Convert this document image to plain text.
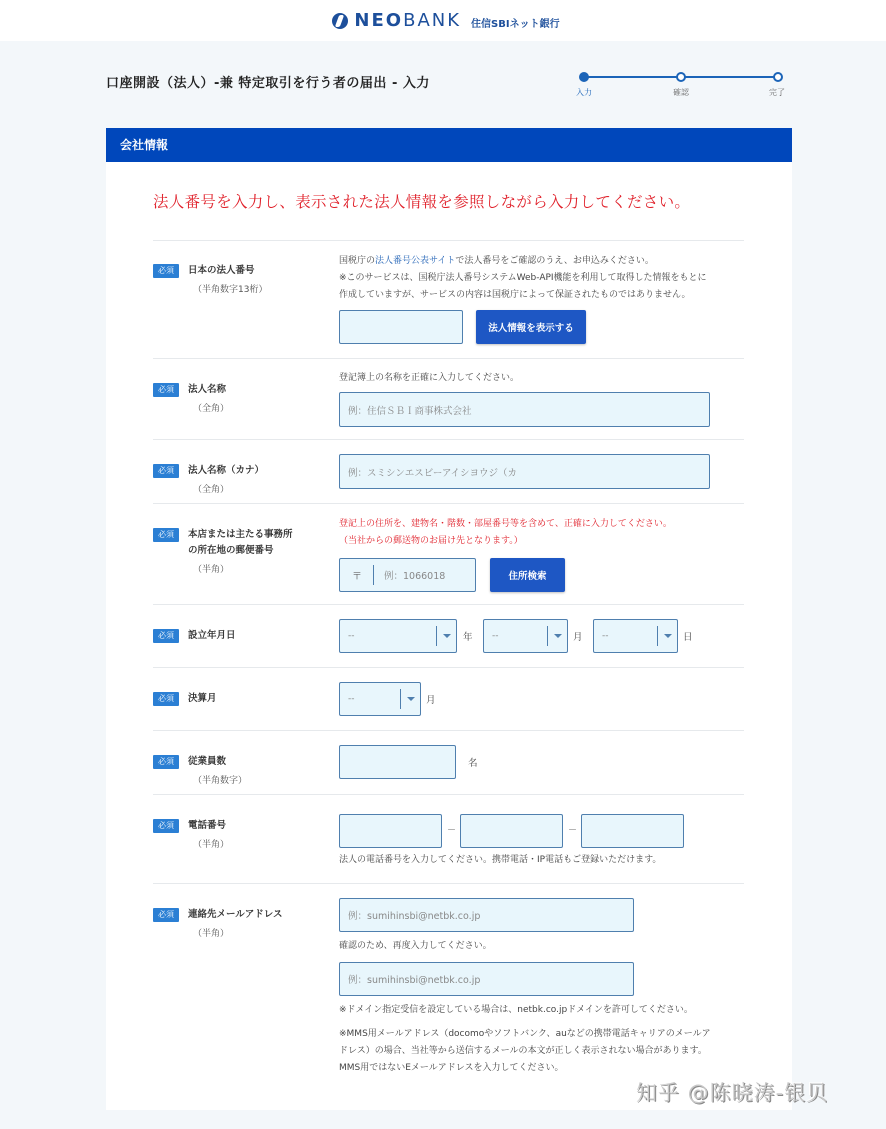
NEO BANK 住信SBIネット銀行
口座開設（法人）-兼 特定取引を行う者の届出 - 入力
入力	確認	完了
会社情報
法人番号を入力し、表示された法人情報を参照しながら入力してください。
必須	日本の法人番号
（半角数字13桁）
国税庁の法人番号公表サイトで法人番号をご確認のうえ、お申込みください。
※このサービスは、国税庁法人番号システムWeb-API機能を利用して取得した情報をもとに
作成していますが、サービスの内容は国税庁によって保証されたものではありません。
法人情報を表示する
必須	法人名称
（全角）
登記簿上の名称を正確に入力してください。
例：住信ＳＢＩ商事株式会社
必須	法人名称（カナ）
（全角）
例：スミシンエスビーアイシヨウジ（カ
必須	本店または主たる事務所
の所在地の郵便番号
（半角）
登記上の住所を、建物名・階数・部屋番号等を含めて、正確に入力してください。
（当社からの郵送物のお届け先となります。）
〒 例：1066018	住所検索
必須	設立年月日	--	年 --	月 --	日
必須	決算月	--	月
必須	従業員数
（半角数字）
名
必須	電話番号
（半角）
－	－
法人の電話番号を入力してください。携帯電話・IP電話もご登録いただけます。
必須	連絡先メールアドレス
（半角）
例：sumihinsbi@netbk.co.jp
確認のため、再度入力してください。
例：sumihinsbi@netbk.co.jp
※ドメイン指定受信を設定している場合は、netbk.co.jpドメインを許可してください。
※MMS用メールアドレス（docomoやソフトバンク、auなどの携帯電話キャリアのメールア
ドレス）の場合、当社等から送信するメールの本文が正しく表示されない場合があります。
MMS用ではないEメールアドレスを入力してください。
知乎 @陈晓涛-银贝
